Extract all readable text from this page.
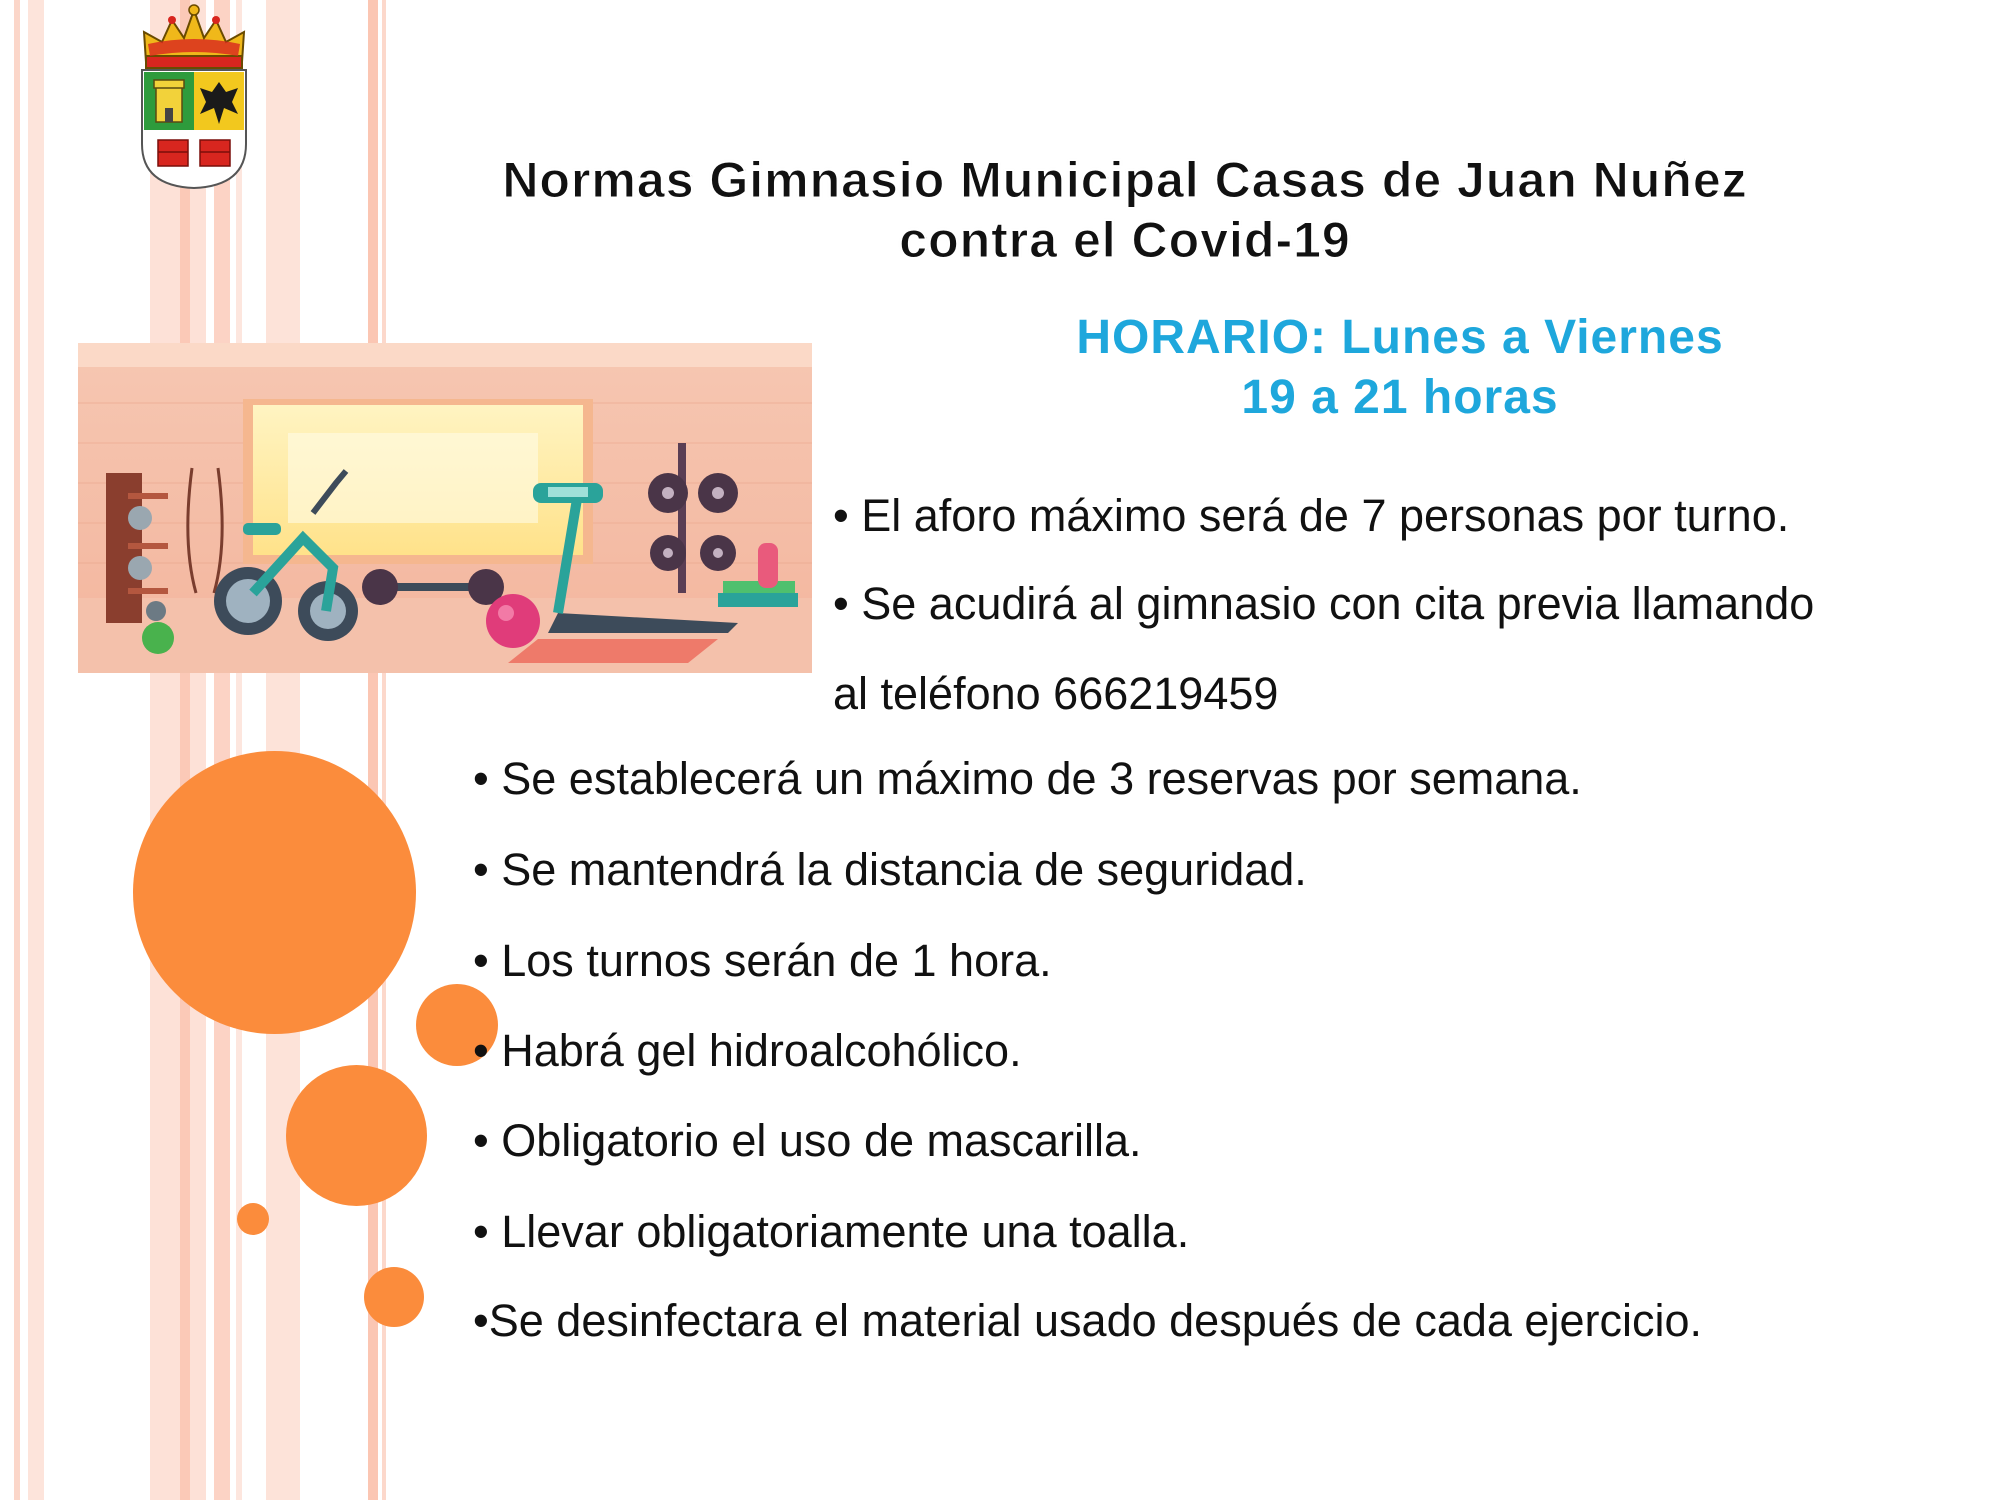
Normas Gimnasio Municipal Casas de Juan Nuñez
contra el Covid-19
HORARIO: Lunes a Viernes
19 a 21 horas
• El aforo máximo será de 7 personas por turno.
• Se acudirá al gimnasio con cita previa llamando
al teléfono 666219459
• Se establecerá un máximo de 3 reservas por semana.
• Se mantendrá la distancia de seguridad.
• Los turnos serán de 1 hora.
• Habrá gel hidroalcohólico.
• Obligatorio el uso de mascarilla.
• Llevar obligatoriamente una toalla.
•Se desinfectara el material usado después de cada ejercicio.
